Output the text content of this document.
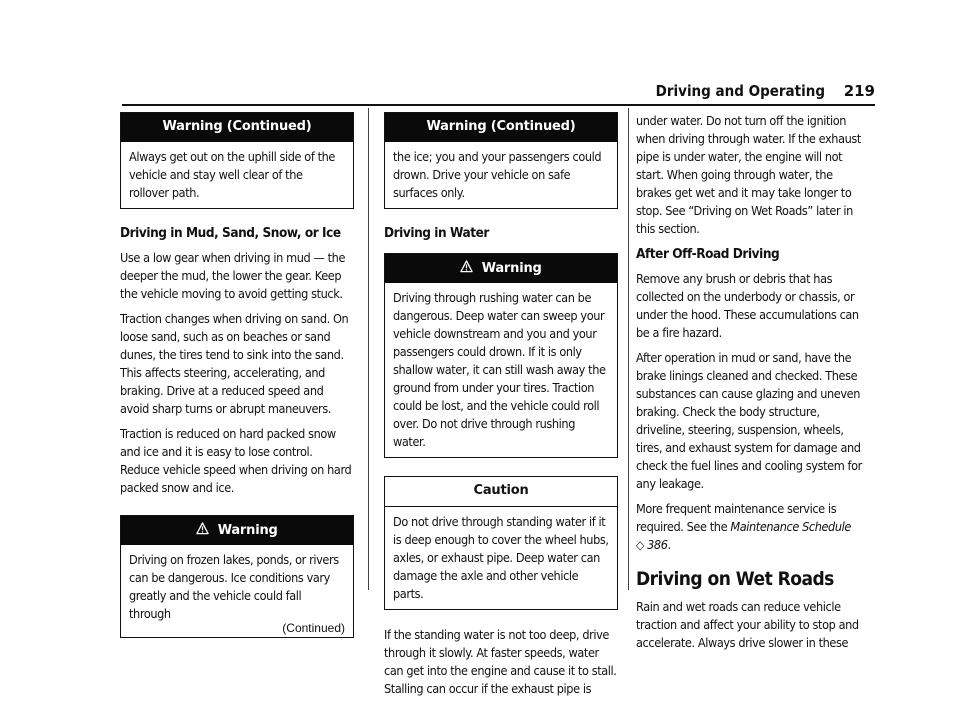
Driving and Operating 219
Warning (Continued)

Always get out on the uphill side of the vehicle and stay well clear of the rollover path.

Driving in Mud, Sand, Snow, or Ice

Use a low gear when driving in mud — the deeper the mud, the lower the gear. Keep the vehicle moving to avoid getting stuck.

Traction changes when driving on sand. On loose sand, such as on beaches or sand dunes, the tires tend to sink into the sand. This affects steering, accelerating, and braking. Drive at a reduced speed and avoid sharp turns or abrupt maneuvers.

Traction is reduced on hard packed snow and ice and it is easy to lose control. Reduce vehicle speed when driving on hard packed snow and ice.

Warning

Driving on frozen lakes, ponds, or rivers can be dangerous. Ice conditions vary greatly and the vehicle could fall through

(Continued)
Warning (Continued)

the ice; you and your passengers could drown. Drive your vehicle on safe surfaces only.

Driving in Water
Warning

Driving through rushing water can be dangerous. Deep water can sweep your vehicle downstream and you and your passengers could drown. If it is only shallow water, it can still wash away the ground from under your tires. Traction could be lost, and the vehicle could roll over. Do not drive through rushing water.

Caution

Do not drive through standing water if it is deep enough to cover the wheel hubs, axles, or exhaust pipe. Deep water can damage the axle and other vehicle parts.

If the standing water is not too deep, drive through it slowly. At faster speeds, water can get into the engine and cause it to stall. Stalling can occur if the exhaust pipe is

under water. Do not turn off the ignition when driving through water. If the exhaust pipe is under water, the engine will not start. When going through water, the brakes get wet and it may take longer to stop. See “Driving on Wet Roads” later in this section.

After Off-Road Driving

Remove any brush or debris that has collected on the underbody or chassis, or under the hood. These accumulations can be a fire hazard.

After operation in mud or sand, have the brake linings cleaned and checked. These substances can cause glazing and uneven braking. Check the body structure, driveline, steering, suspension, wheels, tires, and exhaust system for damage and check the fuel lines and cooling system for any leakage.

More frequent maintenance service is required. See the Maintenance Schedule
◇ 386.

Driving on Wet Roads

Rain and wet roads can reduce vehicle traction and affect your ability to stop and accelerate. Always drive slower in these
